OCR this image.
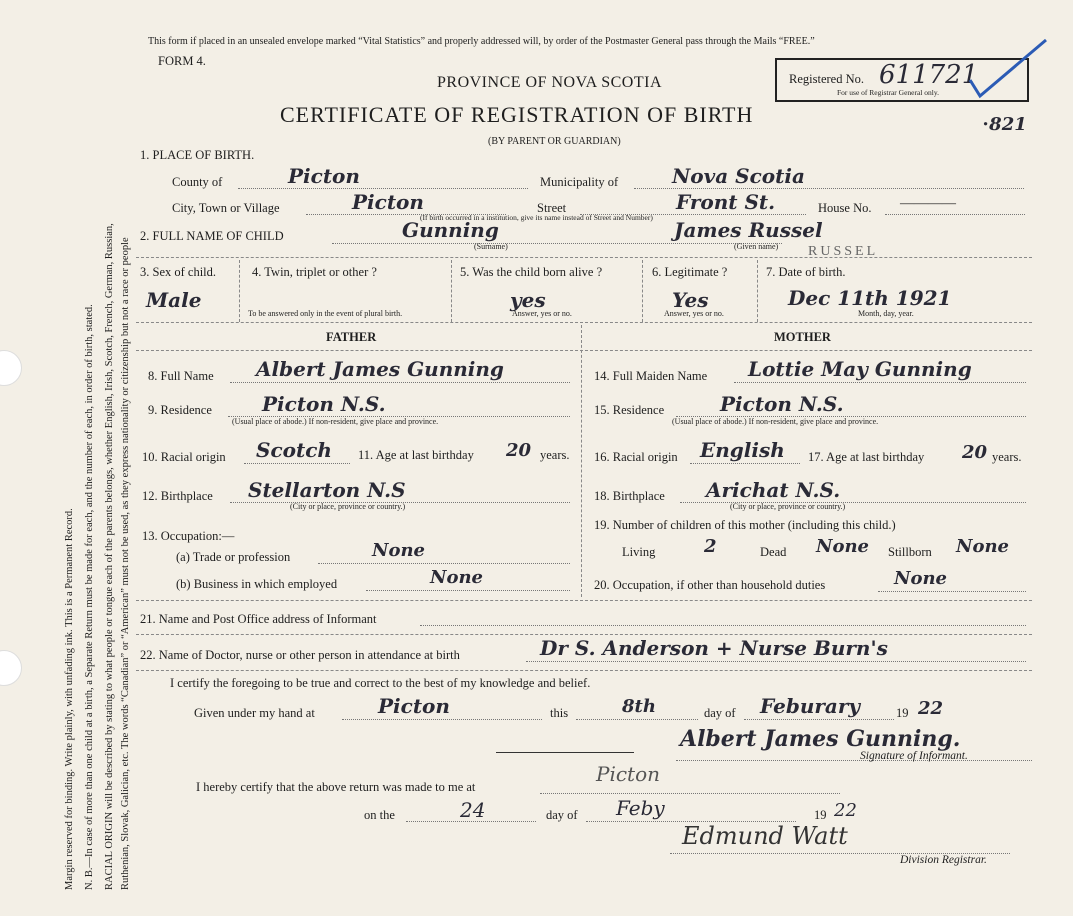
Margin reserved for binding. Write plainly, with unfading ink. This is a Permanent Record. N. B.—In case of more than one child at a birth, a Separate Return must be made for each, and the number of each, in order of birth, stated. RACIAL ORIGIN will be described by stating to what people or tongue each of the parents belongs, whether English, Irish, Scotch, French, German, Russian, Ruthenian, Slovak, Galician, etc. The words “Canadian” or “American” must not be used, as they express nationality or citizenship but not a race or people
This form if placed in an unsealed envelope marked “Vital Statistics” and properly addressed will, by order of the Postmaster General pass through the Mails “FREE.”
FORM 4.
PROVINCE OF NOVA SCOTIA
CERTIFICATE OF REGISTRATION OF BIRTH
(BY PARENT OR GUARDIAN)
Registered No. 611721
For use of Registrar General only.
⋅821
1. PLACE OF BIRTH.
County of	Picton	Municipality of	Nova Scotia
City, Town or Village	Picton	Street	Front St.
(If birth occurred in a institution, give its name instead of Street and Number)
House No. ————
2. FULL NAME OF CHILD	Gunning
(Surname)
James Russel
(Given name) RUSSEL
3. Sex of child.
Male
4. Twin, triplet or other ?
To be answered only in the event of plural birth.
5. Was the child born alive ?
yes
Answer, yes or no.
6. Legitimate ?
Yes
Answer, yes or no.
7. Date of birth.
Dec 11th 1921
Month, day, year.
FATHER	MOTHER
8. Full Name Albert James Gunning
9. Residence	Picton N.S.
(Usual place of abode.) If non-resident, give place and province.
10. Racial origin Scotch 11. Age at last birthday 20 years.
12. Birthplace Stellarton N.S
(City or place, province or country.)
13. Occupation:—
(a) Trade or profession	None
(b) Business in which employed	None
14. Full Maiden Name Lottie May Gunning
15. Residence	Picton N.S.
(Usual place of abode.) If non-resident, give place and province.
16. Racial origin English 17. Age at last birthday 20 years.
18. Birthplace Arichat N.S.
(City or place, province or country.)
19. Number of children of this mother (including this child.)
Living	2	Dead None Stillborn None
20. Occupation, if other than household duties	None
21. Name and Post Office address of Informant
22. Name of Doctor, nurse or other person in attendance at birth	Dr S. Anderson + Nurse Burn's
I certify the foregoing to be true and correct to the best of my knowledge and belief.
Given under my hand at	Picton	this	8th	day of Feburary	19 22
Albert James Gunning.
Signature of Informant.
I hereby certify that the above return was made to me at
Picton
on the	24	day of Feby	19 22
Edmund Watt
Division Registrar.
